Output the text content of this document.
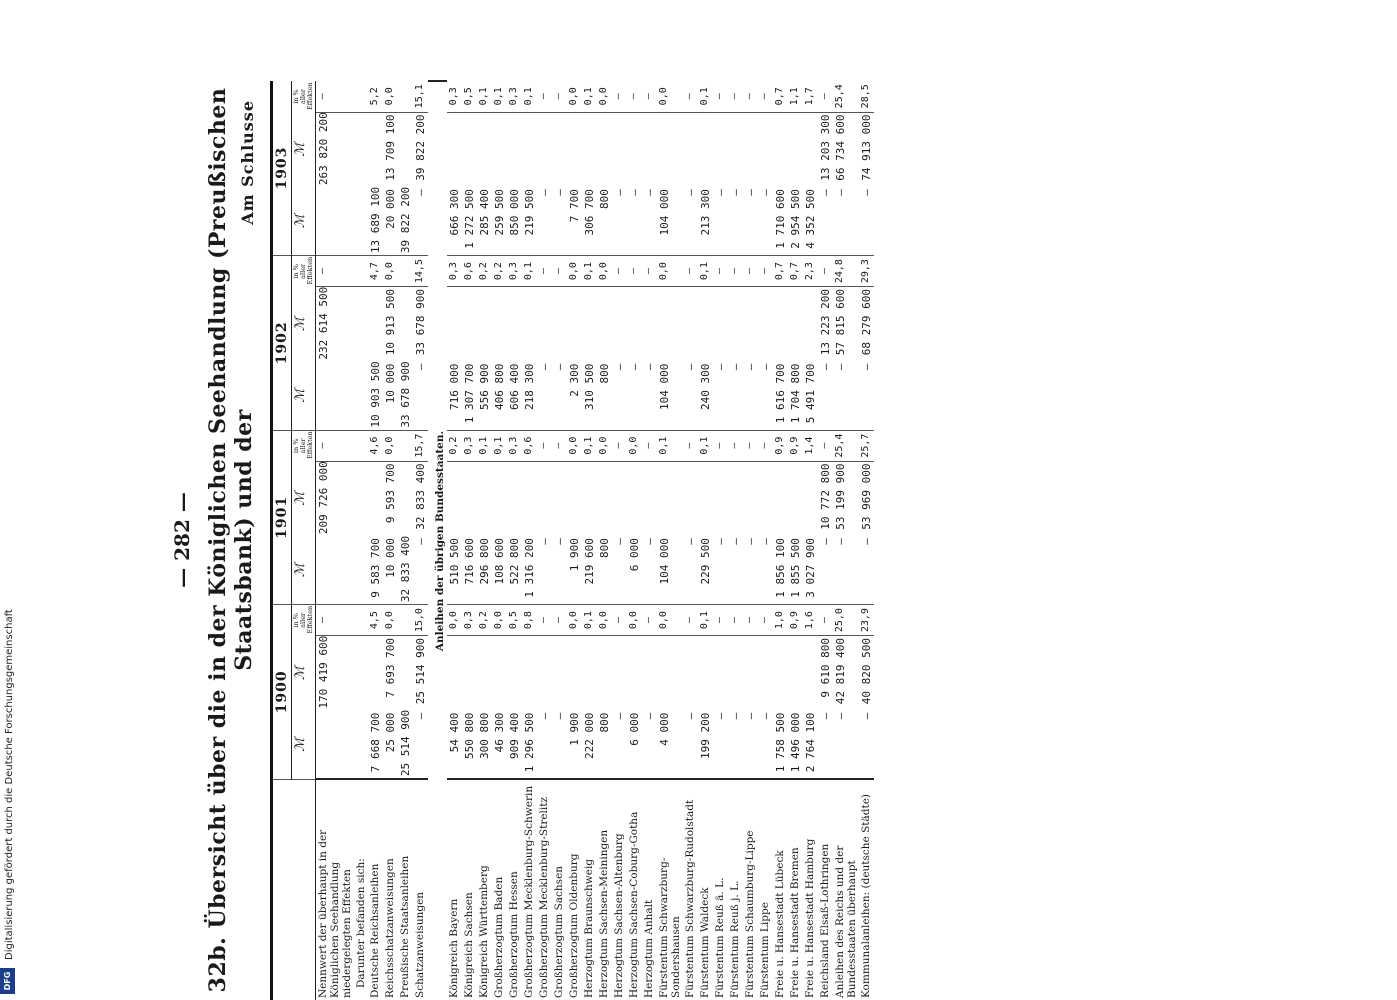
Digitalisierung gefördert durch die Deutsche Forschungsgemeinschaft
DFG
— 282 — 32b. Übersicht über die in der Königlichen Seehandlung (Preußischen Staatsbank) und der
Am Schlusse
	1900			1901			1902			1903		
	ℳ	ℳ	in % aller Effekten	ℳ	ℳ	in % aller Effekten	ℳ	ℳ	in % aller Effekten	ℳ	ℳ	in % aller Effekten
Nennwert der überhaupt in der Königlichen Seehandlung niedergelegten Effekten		170 419 600	—		209 726 000	—		232 614 500	—		263 820 200	—
Darunter befanden sich:												
Deutsche Reichsanleihen	7 668 700		4,5	9 583 700		4,6	10 903 500		4,7	13 689 100		5,2
Reichsschatzanweisungen	25 000	7 693 700	0,0	10 000	9 593 700	0,0	10 000	10 913 500	0,0	20 000	13 709 100	0,0
Preußische Staatsanleihen	25 514 900			32 833 400			33 678 900			39 822 200		
Schatzanweisungen	—	25 514 900	15,0	—	32 833 400	15,7	—	33 678 900	14,5	—	39 822 200	15,1
Anleihen der übrigen Bundesstaaten.												
Königreich Bayern	54 400		0,0	510 500		0,2	716 000		0,3	666 300		0,3
Königreich Sachsen	550 800		0,3	716 600		0,3	1 307 700		0,6	1 272 500		0,5
Königreich Württemberg	300 800		0,2	296 800		0,1	556 900		0,2	285 400		0,1
Großherzogtum Baden	46 300		0,0	108 600		0,1	406 800		0,2	259 500		0,1
Großherzogtum Hessen	909 400		0,5	522 800		0,3	606 400		0,3	850 000		0,3
Großherzogtum Mecklenburg-Schwerin	1 296 500		0,8	1 316 200		0,6	218 300		0,1	219 500		0,1
Großherzogtum Mecklenburg-Strelitz	—		—	—		—	—		—	—		—
Großherzogtum Sachsen	—		—	—		—	—		—	—		—
Großherzogtum Oldenburg	1 900		0,0	1 900		0,0	2 300		0,0	7 700		0,0
Herzogtum Braunschweig	222 000		0,1	219 600		0,1	310 500		0,1	306 700		0,1
Herzogtum Sachsen-Meiningen	800		0,0	800		0,0	800		0,0	800		0,0
Herzogtum Sachsen-Altenburg	—		—	—		—	—		—	—		—
Herzogtum Sachsen-Coburg-Gotha	6 000		0,0	6 000		0,0	—		—	—		—
Herzogtum Anhalt	—		—	—		—	—		—	—		—
Fürstentum Schwarzburg-Sondershausen	4 000		0,0	104 000		0,1	104 000		0,0	104 000		0,0
Fürstentum Schwarzburg-Rudolstadt	—		—	—		—	—		—	—		—
Fürstentum Waldeck	199 200		0,1	229 500		0,1	240 300		0,1	213 300		0,1
Fürstentum Reuß ä. L.	—		—	—		—	—		—	—		—
Fürstentum Reuß j. L.	—		—	—		—	—		—	—		—
Fürstentum Schaumburg-Lippe	—		—	—		—	—		—	—		—
Fürstentum Lippe	—		—	—		—	—		—	—		—
Freie u. Hansestadt Lübeck	1 758 500		1,0	1 856 100		0,9	1 616 700		0,7	1 710 600		0,7
Freie u. Hansestadt Bremen	1 496 000		0,9	1 855 500		0,9	1 704 800		0,7	2 954 500		1,1
Freie u. Hansestadt Hamburg	2 764 100		1,6	3 027 900		1,4	5 491 700		2,3	4 352 500		1,7
Reichsland Elsaß-Lothringen	—	9 610 800	—	—	10 772 800	—	—	13 223 200	—	—	13 203 300	—
Anleihen des Reichs und der Bundesstaaten überhaupt	—	42 819 400	25,0	—	53 199 900	25,4	—	57 815 600	24,8	—	66 734 600	25,4
Kommunalanleihen: (deutsche Städte)	—	40 820 500	23,9	—	53 969 000	25,7	—	68 279 600	29,3	—	74 913 000	28,5
